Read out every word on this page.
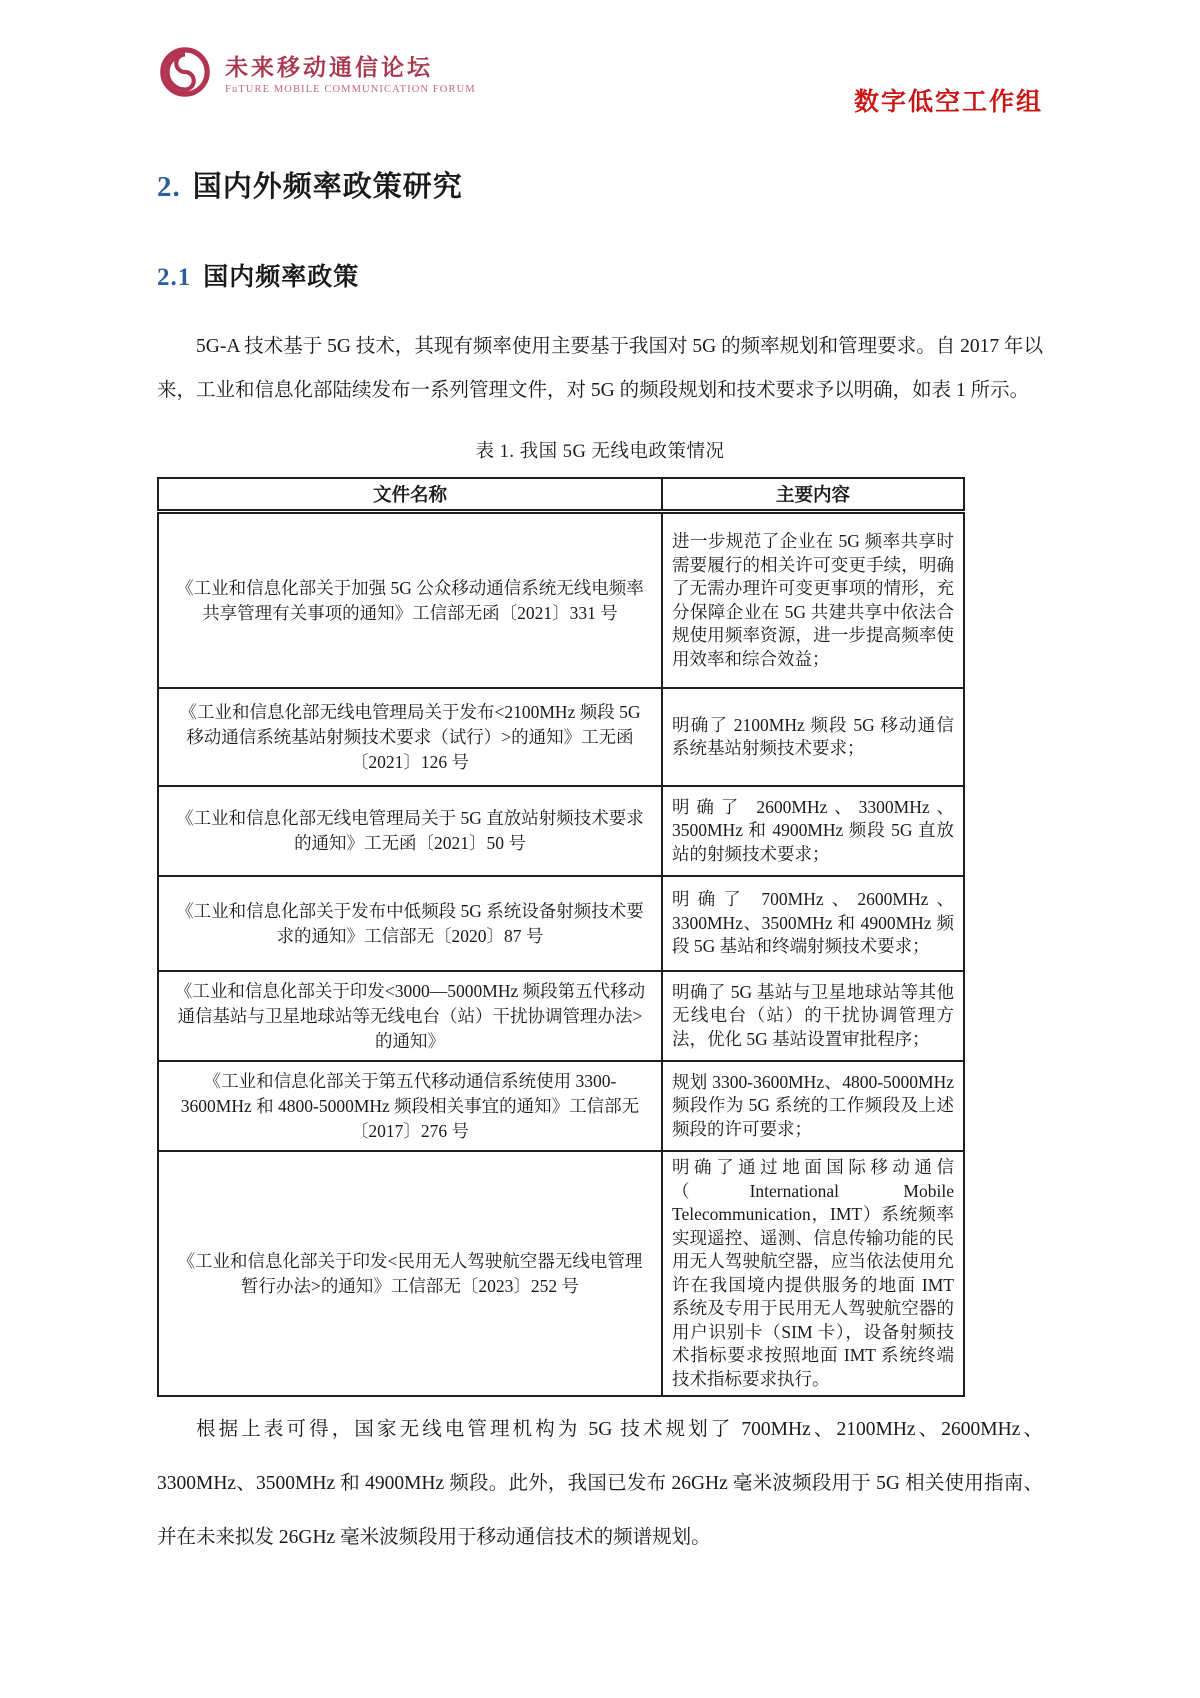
未来移动通信论坛
FuTURE MOBILE COMMUNICATION FORUM	数字低空工作组
2. 国内外频率政策研究
2.1 国内频率政策

5G-A 技术基于 5G 技术，其现有频率使用主要基于我国对 5G 的频率规划和管理要求。自 2017 年以来，工业和信息化部陆续发布一系列管理文件，对 5G 的频段规划和技术要求予以明确，如表 1 所示。

表 1. 我国 5G 无线电政策情况
文件名称	主要内容
《工业和信息化部关于加强 5G 公众移动通信系统无线电频率共享管理有关事项的通知》工信部无函〔2021〕331 号	进一步规范了企业在 5G 频率共享时需要履行的相关许可变更手续，明确了无需办理许可变更事项的情形，充分保障企业在 5G 共建共享中依法合规使用频率资源，进一步提高频率使用效率和综合效益；
《工业和信息化部无线电管理局关于发布<2100MHz 频段 5G 移动通信系统基站射频技术要求（试行）>的通知》工无函〔2021〕126 号	明确了 2100MHz 频段 5G 移动通信系统基站射频技术要求；
《工业和信息化部无线电管理局关于 5G 直放站射频技术要求的通知》工无函〔2021〕50 号	明确了 2600MHz、3300MHz、3500MHz 和 4900MHz 频段 5G 直放站的射频技术要求；
《工业和信息化部关于发布中低频段 5G 系统设备射频技术要求的通知》工信部无〔2020〕87 号	明确了 700MHz、2600MHz、3300MHz、3500MHz 和 4900MHz 频段 5G 基站和终端射频技术要求；
《工业和信息化部关于印发<3000—5000MHz 频段第五代移动通信基站与卫星地球站等无线电台（站）干扰协调管理办法>的通知》	明确了 5G 基站与卫星地球站等其他无线电台（站）的干扰协调管理方法，优化 5G 基站设置审批程序；
《工业和信息化部关于第五代移动通信系统使用 3300-3600MHz 和 4800-5000MHz 频段相关事宜的通知》工信部无〔2017〕276 号	规划 3300-3600MHz、4800-5000MHz 频段作为 5G 系统的工作频段及上述频段的许可要求；
《工业和信息化部关于印发<民用无人驾驶航空器无线电管理暂行办法>的通知》工信部无〔2023〕252 号	明确了通过地面国际移动通信（International Mobile Telecommunication，IMT）系统频率实现遥控、遥测、信息传输功能的民用无人驾驶航空器，应当依法使用允许在我国境内提供服务的地面 IMT 系统及专用于民用无人驾驶航空器的用户识别卡（SIM 卡），设备射频技术指标要求按照地面 IMT 系统终端技术指标要求执行。

根据上表可得，国家无线电管理机构为 5G 技术规划了 700MHz、2100MHz、2600MHz、3300MHz、3500MHz 和 4900MHz 频段。此外，我国已发布 26GHz 毫米波频段用于 5G 相关使用指南、并在未来拟发 26GHz 毫米波频段用于移动通信技术的频谱规划。
